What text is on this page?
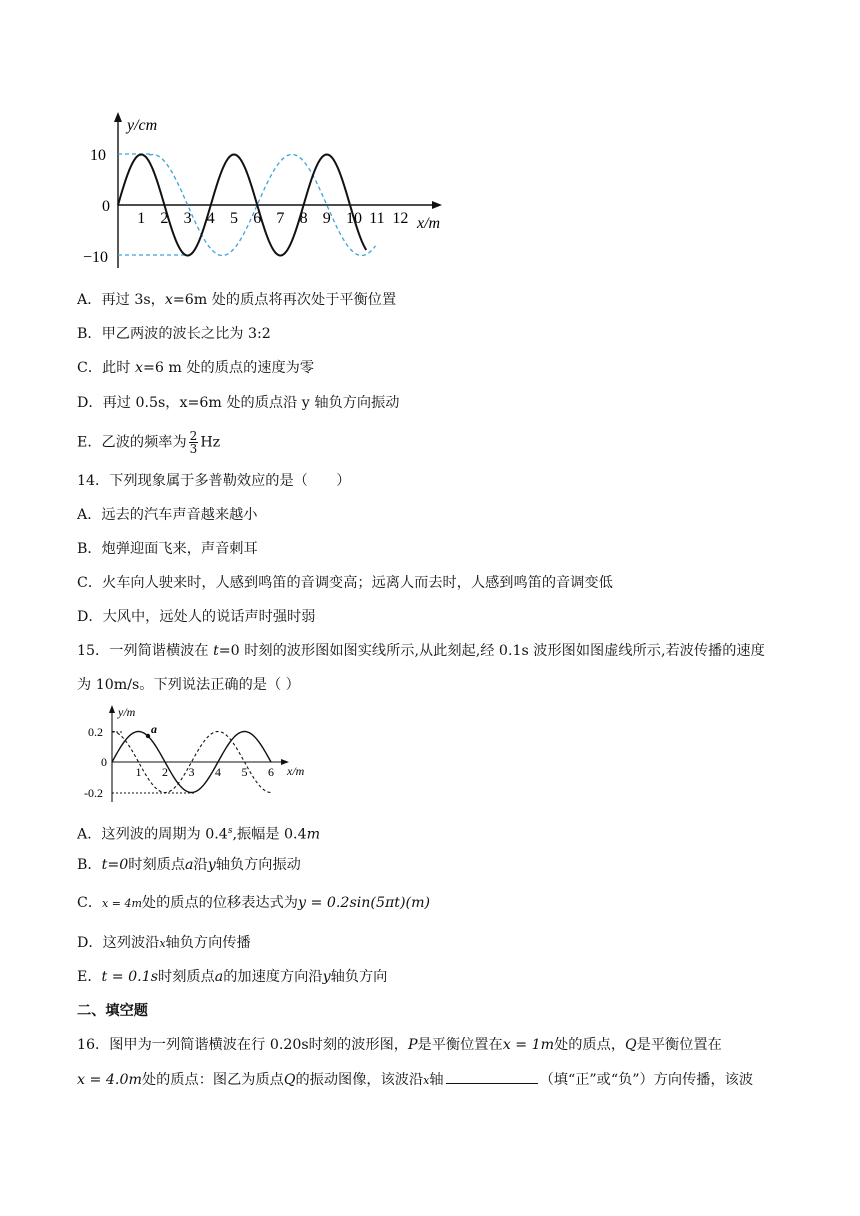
y/cm
x/m
10
0
−10
1 2 3 4 5 6 7 8 9 10 11 12
A．再过 3s，x=6m 处的质点将再次处于平衡位置
B．甲乙两波的波长之比为 3:2
C．此时 x=6 m 处的质点的速度为零
D．再过 0.5s，x=6m 处的质点沿 y 轴负方向振动
E．乙波的频率为 $\frac{2}{3}$ Hz
14．下列现象属于多普勒效应的是（　　）
A．远去的汽车声音越来越小
B．炮弹迎面飞来，声音刺耳
C．火车向人驶来时，人感到鸣笛的音调变高；远离人而去时，人感到鸣笛的音调变低
D．大风中，远处人的说话声时强时弱
15．一列简谐横波在 t=0 时刻的波形图如图实线所示,从此刻起,经 0.1s 波形图如图虚线所示,若波传播的速度
为 10m/s。下列说法正确的是（ ）
y/m
x/m
0.2
0
-0.2
1 2 3 4 5 6
a
A．这列波的周期为 0.4$^s$,振幅是 0.4m
B．t=0时刻质点a沿y轴负方向振动
C．x = 4m处的质点的位移表达式为y = 0.2sin(5πt)(m)
D．这列波沿x轴负方向传播
E．t = 0.1s时刻质点a的加速度方向沿y轴负方向
二、填空题
16．图甲为一列简谐横波在行 0.20s时刻的波形图，P是平衡位置在x = 1m处的质点，Q是平衡位置在
x = 4.0m处的质点：图乙为质点Q的振动图像，该波沿x轴	（填“正”或“负”）方向传播，该波
